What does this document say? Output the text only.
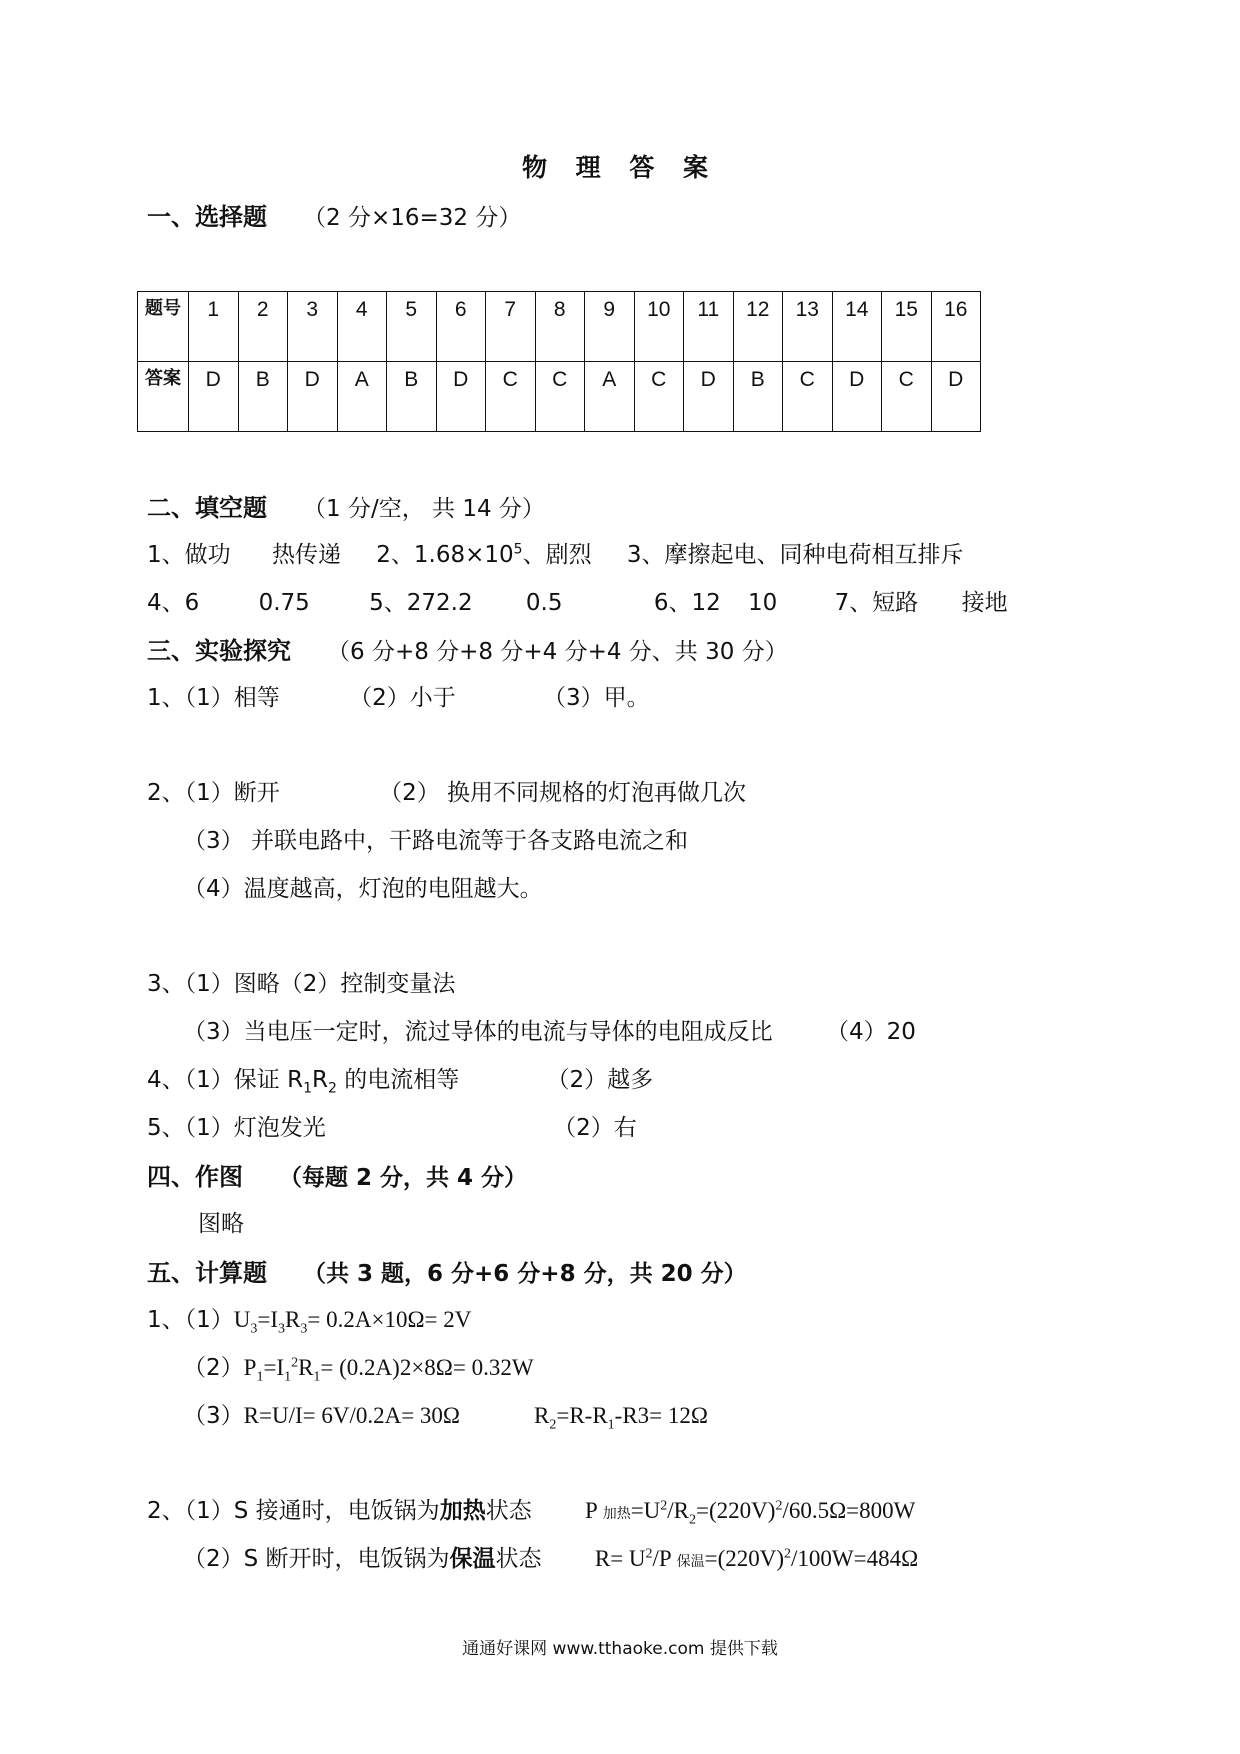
物 理 答 案
一、选择题 （2 分×16=32 分）
题号	1	2	3	4	5	6	7	8	9	10	11	12	13	14	15	16
答案	D	B	D	A	B	D	C	C	A	C	D	B	C	D	C	D
二、填空题 （1 分/空， 共 14 分）
1、做功 热传递 2、$1.68\times 10^5$、剧烈 3、摩擦起电、同种电荷相互排斥
4、6	0.75	5、272.2 0.5	6、12 10 7、短路 接地
三、实验探究 （6 分+8 分+8 分+4 分+4 分、共 30 分）
1、（1）相等	（2）小于	（3）甲。
2、（1）断开	（2） 换用不同规格的灯泡再做几次
（3） 并联电路中，干路电流等于各支路电流之和
（4）温度越高，灯泡的电阻越大。
3、（1）图略（2）控制变量法
（3）当电压一定时，流过导体的电流与导体的电阻成反比 （4）20
4、（1）保证 $R_1R_2$ 的电流相等	（2）越多
5、（1）灯泡发光	（2）右
四、作图 （每题 2 分，共 4 分）
图略
五、计算题 （共 3 题，6 分+6 分+8 分，共 20 分）
1、$(1)U_3=I_3R_3= 0.2A\times 10\Omega= 2V$
$(2)P_1=I_1^2R_1= (0.2A)2\times 8\Omega= 0.32W$
（3）R=U/I= 6V/0.2A= 30Ω	$R_2=R-R_1-R3= 12\Omega$
2、（1）S 接通时，电饭锅为加热状态 P 加热$=U^2/R_2=(220V)^2/60.5\Omega=800W$
（2）S 断开时，电饭锅为保温状态 $R= U^2/P$ 保温$=(220V)^2/100W=484\Omega$
通通好课网 www.tthaoke.com 提供下载
